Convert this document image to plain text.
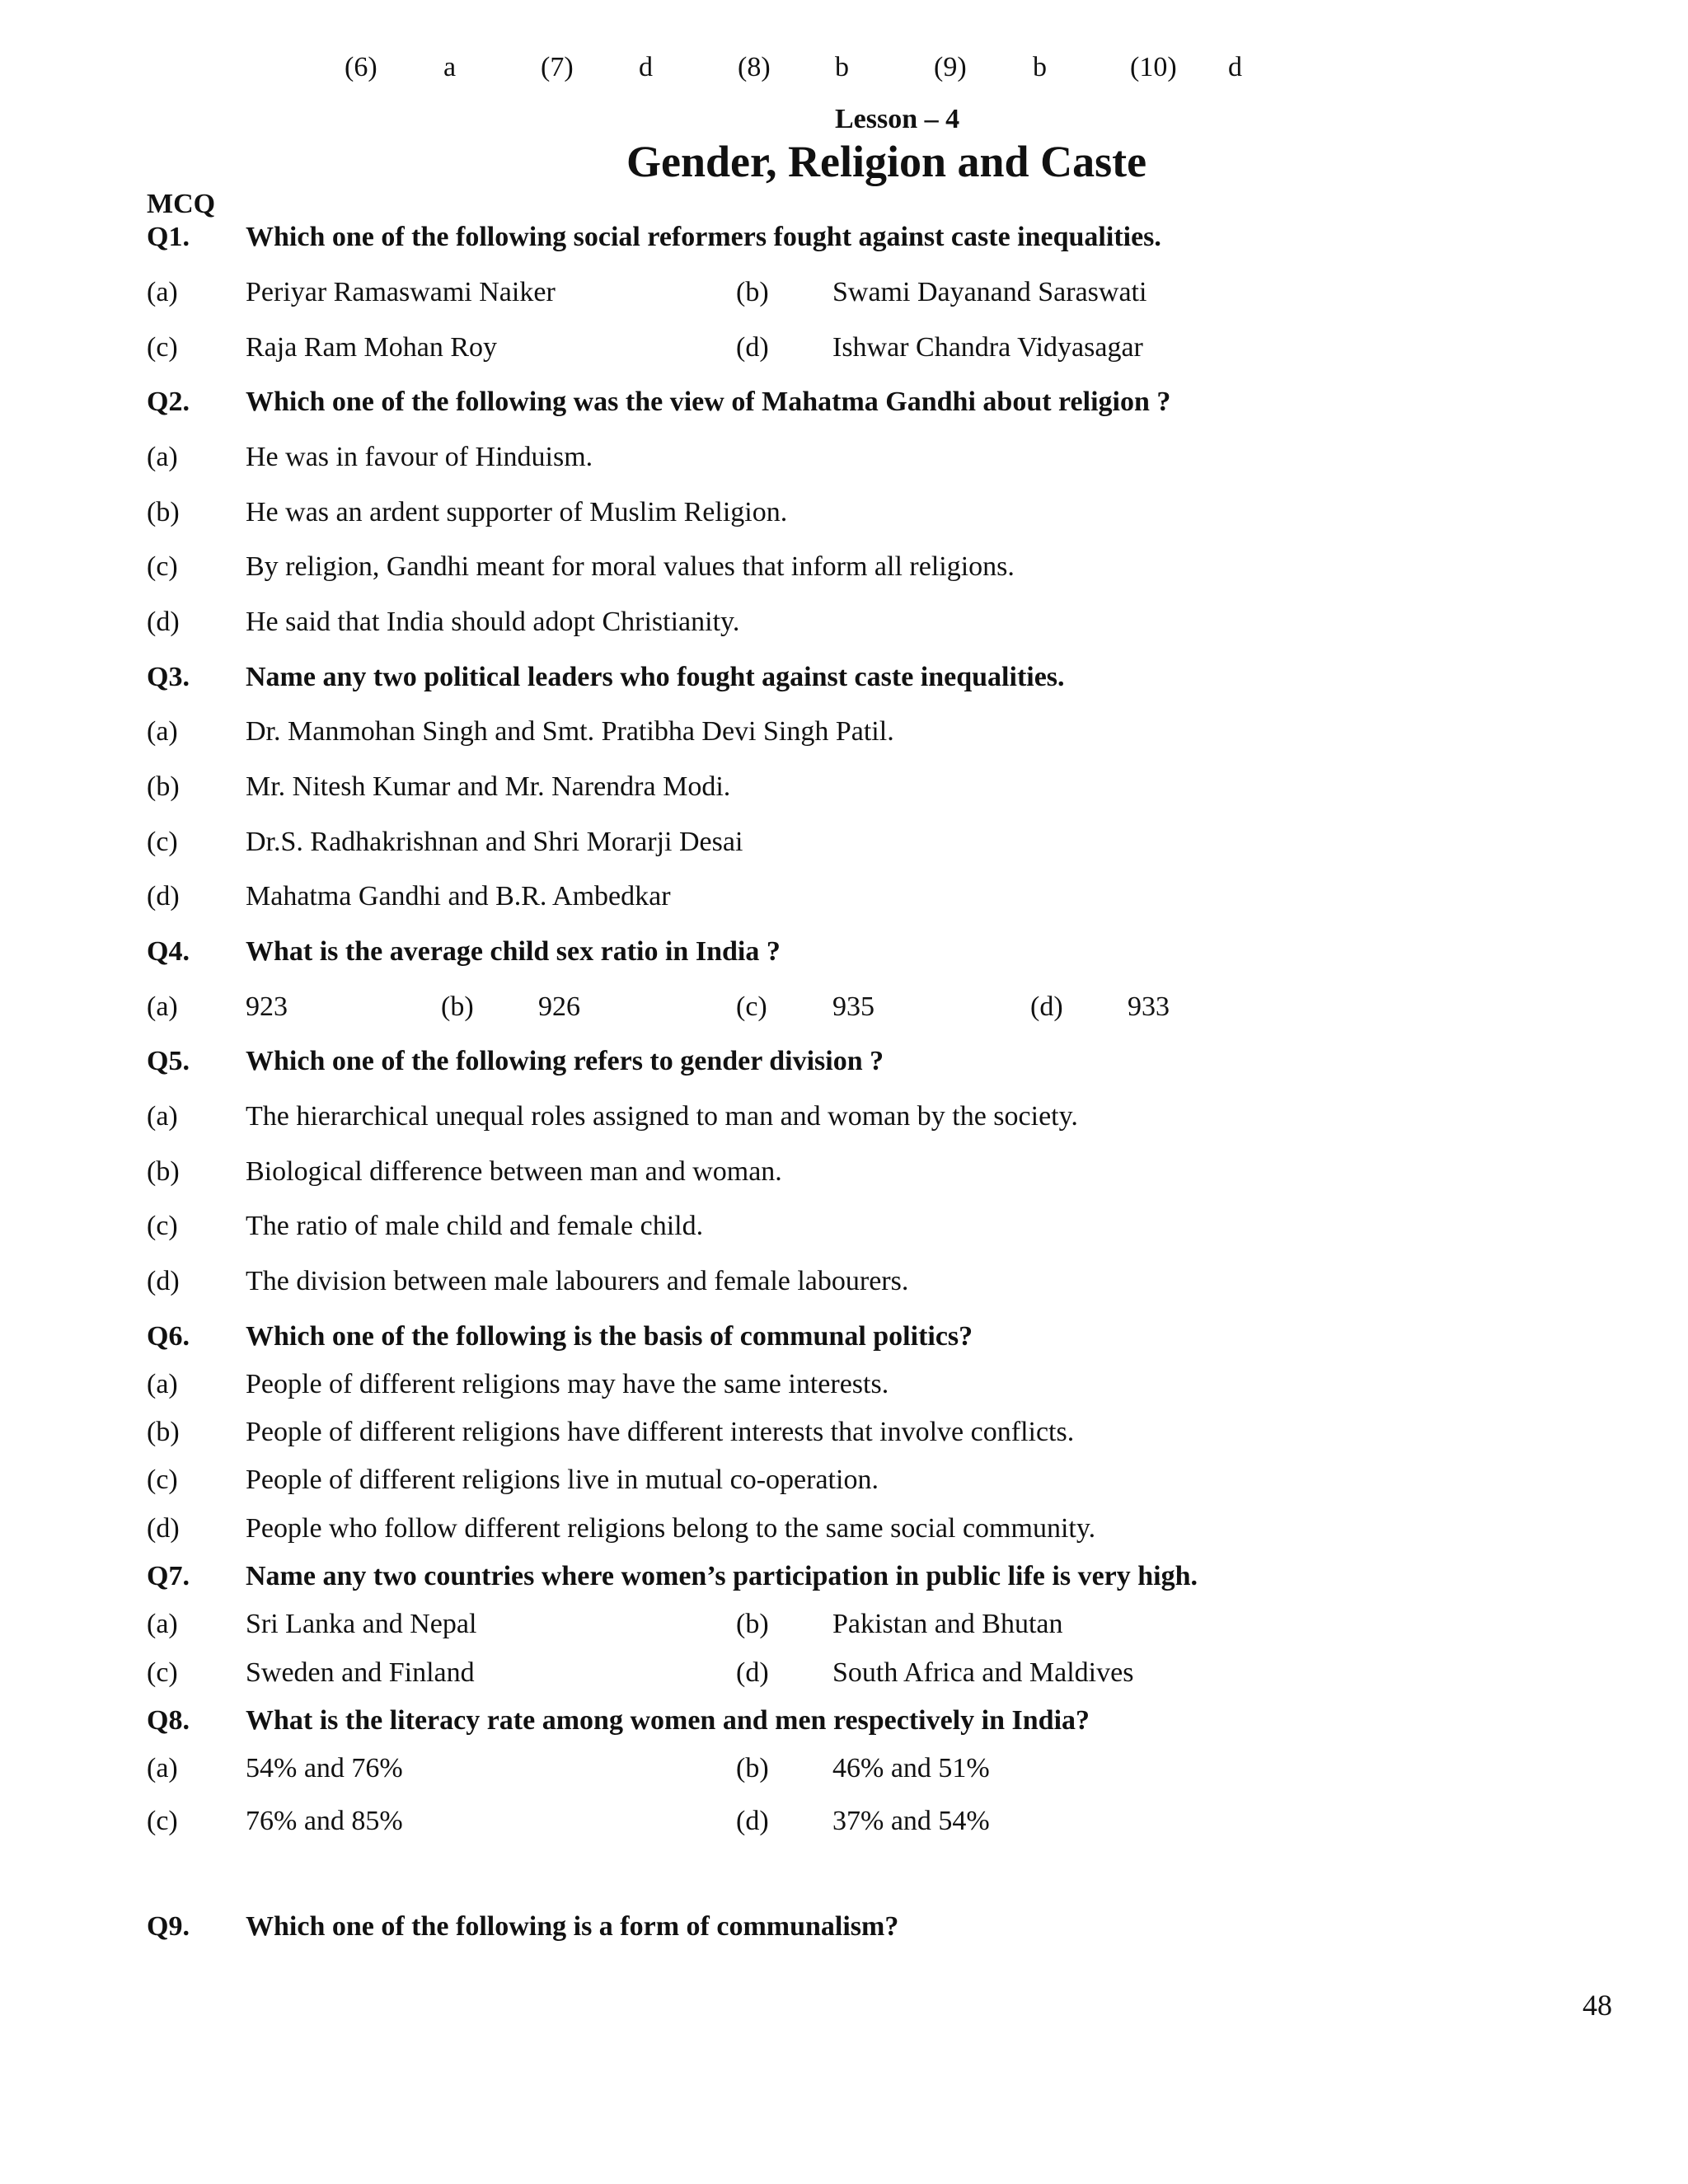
(6) a	(7) d	(8) b	(9) b	(10) d
Lesson – 4
Gender, Religion and Caste
MCQ
Q1. Which one of the following social reformers fought against caste inequalities.
(a) Periyar Ramaswami Naiker	(b) Swami Dayanand Saraswati
(c) Raja Ram Mohan Roy	(d) Ishwar Chandra Vidyasagar
Q2. Which one of the following was the view of Mahatma Gandhi about religion ?
(a) He was in favour of Hinduism.
(b) He was an ardent supporter of Muslim Religion.
(c) By religion, Gandhi meant for moral values that inform all religions.
(d) He said that India should adopt Christianity.
Q3. Name any two political leaders who fought against caste inequalities.
(a) Dr. Manmohan Singh and Smt. Pratibha Devi Singh Patil.
(b) Mr. Nitesh Kumar and Mr. Narendra Modi.
(c) Dr.S. Radhakrishnan and Shri Morarji Desai
(d) Mahatma Gandhi and B.R. Ambedkar
Q4. What is the average child sex ratio in India ?
(a) 923	(b) 926	(c) 935	(d) 933
Q5. Which one of the following refers to gender division ?
(a) The hierarchical unequal roles assigned to man and woman by the society.
(b) Biological difference between man and woman.
(c) The ratio of male child and female child.
(d) The division between male labourers and female labourers.
Q6. Which one of the following is the basis of communal politics?
(a) People of different religions may have the same interests.
(b) People of different religions have different interests that involve conflicts.
(c) People of different religions live in mutual co-operation.
(d) People who follow different religions belong to the same social community.
Q7. Name any two countries where women’s participation in public life is very high.
(a) Sri Lanka and Nepal	(b) Pakistan and Bhutan
(c) Sweden and Finland	(d) South Africa and Maldives
Q8. What is the literacy rate among women and men respectively in India?
(a) 54% and 76%	(b) 46% and 51%
(c) 76% and 85%	(d) 37% and 54%
Q9. Which one of the following is a form of communalism?
48
